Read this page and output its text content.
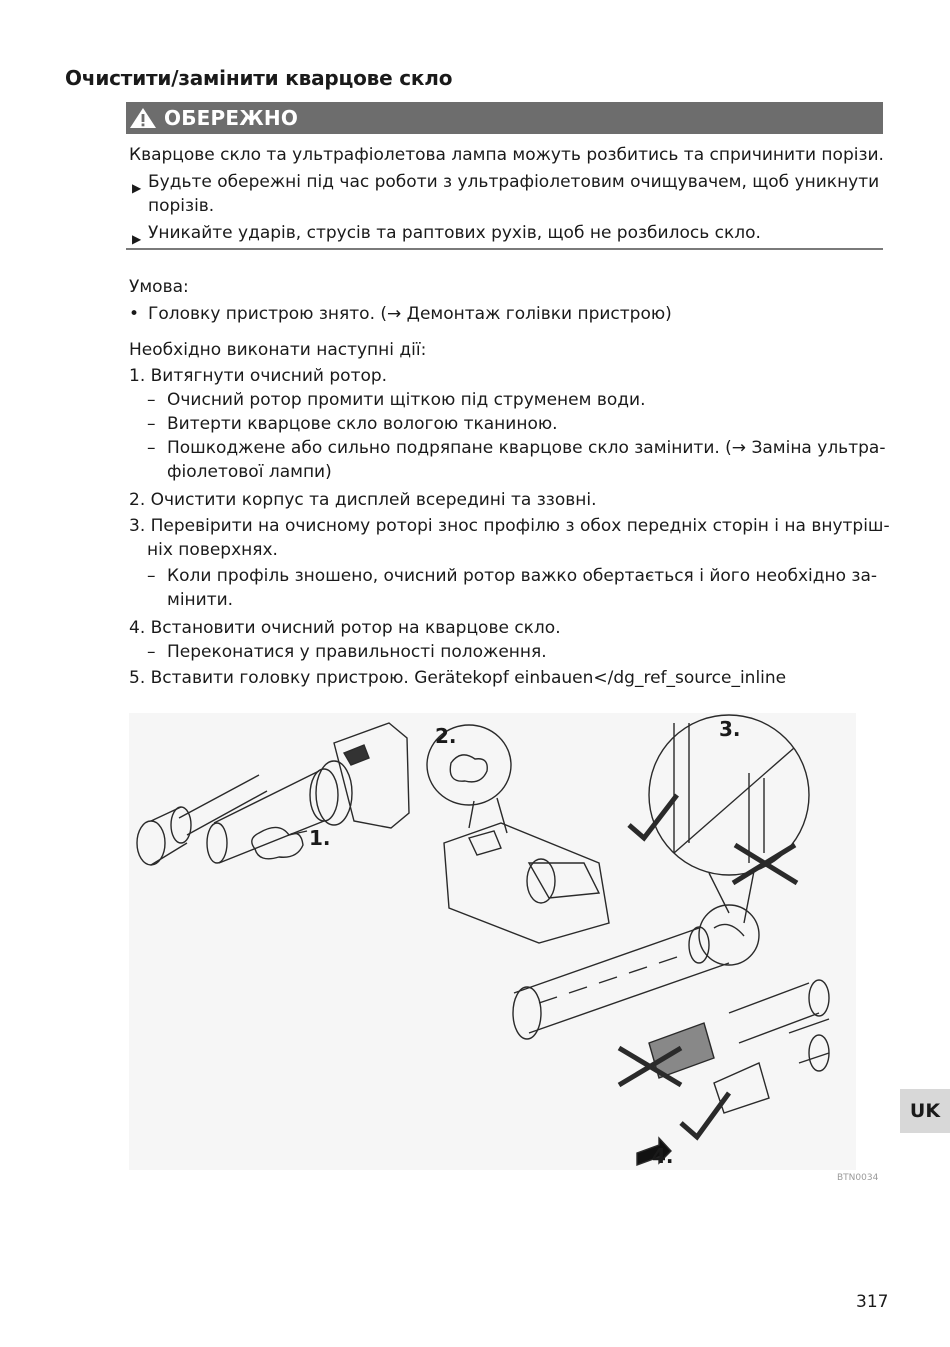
Очистити/замінити кварцове скло
ОБЕРЕЖНО
Кварцове скло та ультрафіолетова лампа можуть розбитись та спричинити порізи.
▶ Будьте обережні під час роботи з ультрафіолетовим очищувачем, щоб уникнути
порізів.
▶ Уникайте ударів, струсів та раптових рухів, щоб не розбилось скло.
Умова:
• Головку пристрою знято. (→ Демонтаж голівки пристрою)
Необхідно виконати наступні дії:
1. Витягнути очисний ротор.
– Очисний ротор промити щіткою під струменем води.
– Витерти кварцове скло вологою тканиною.
– Пошкоджене або сильно подряпане кварцове скло замінити. (→ Заміна ультра-
фіолетової лампи)
2. Очистити корпус та дисплей всередині та ззовні.
3. Перевірити на очисному роторі знос профілю з обох передніх сторін і на внутріш-
ніх поверхнях.
– Коли профіль зношено, очисний ротор важко обертається і його необхідно за-
мінити.
4. Встановити очисний ротор на кварцове скло.
– Переконатися у правильності положення.
5. Вставити головку пристрою. Gerätekopf einbauen</dg_ref_source_inline
1.
2.	3.
4.
BTN0034
UK
317
